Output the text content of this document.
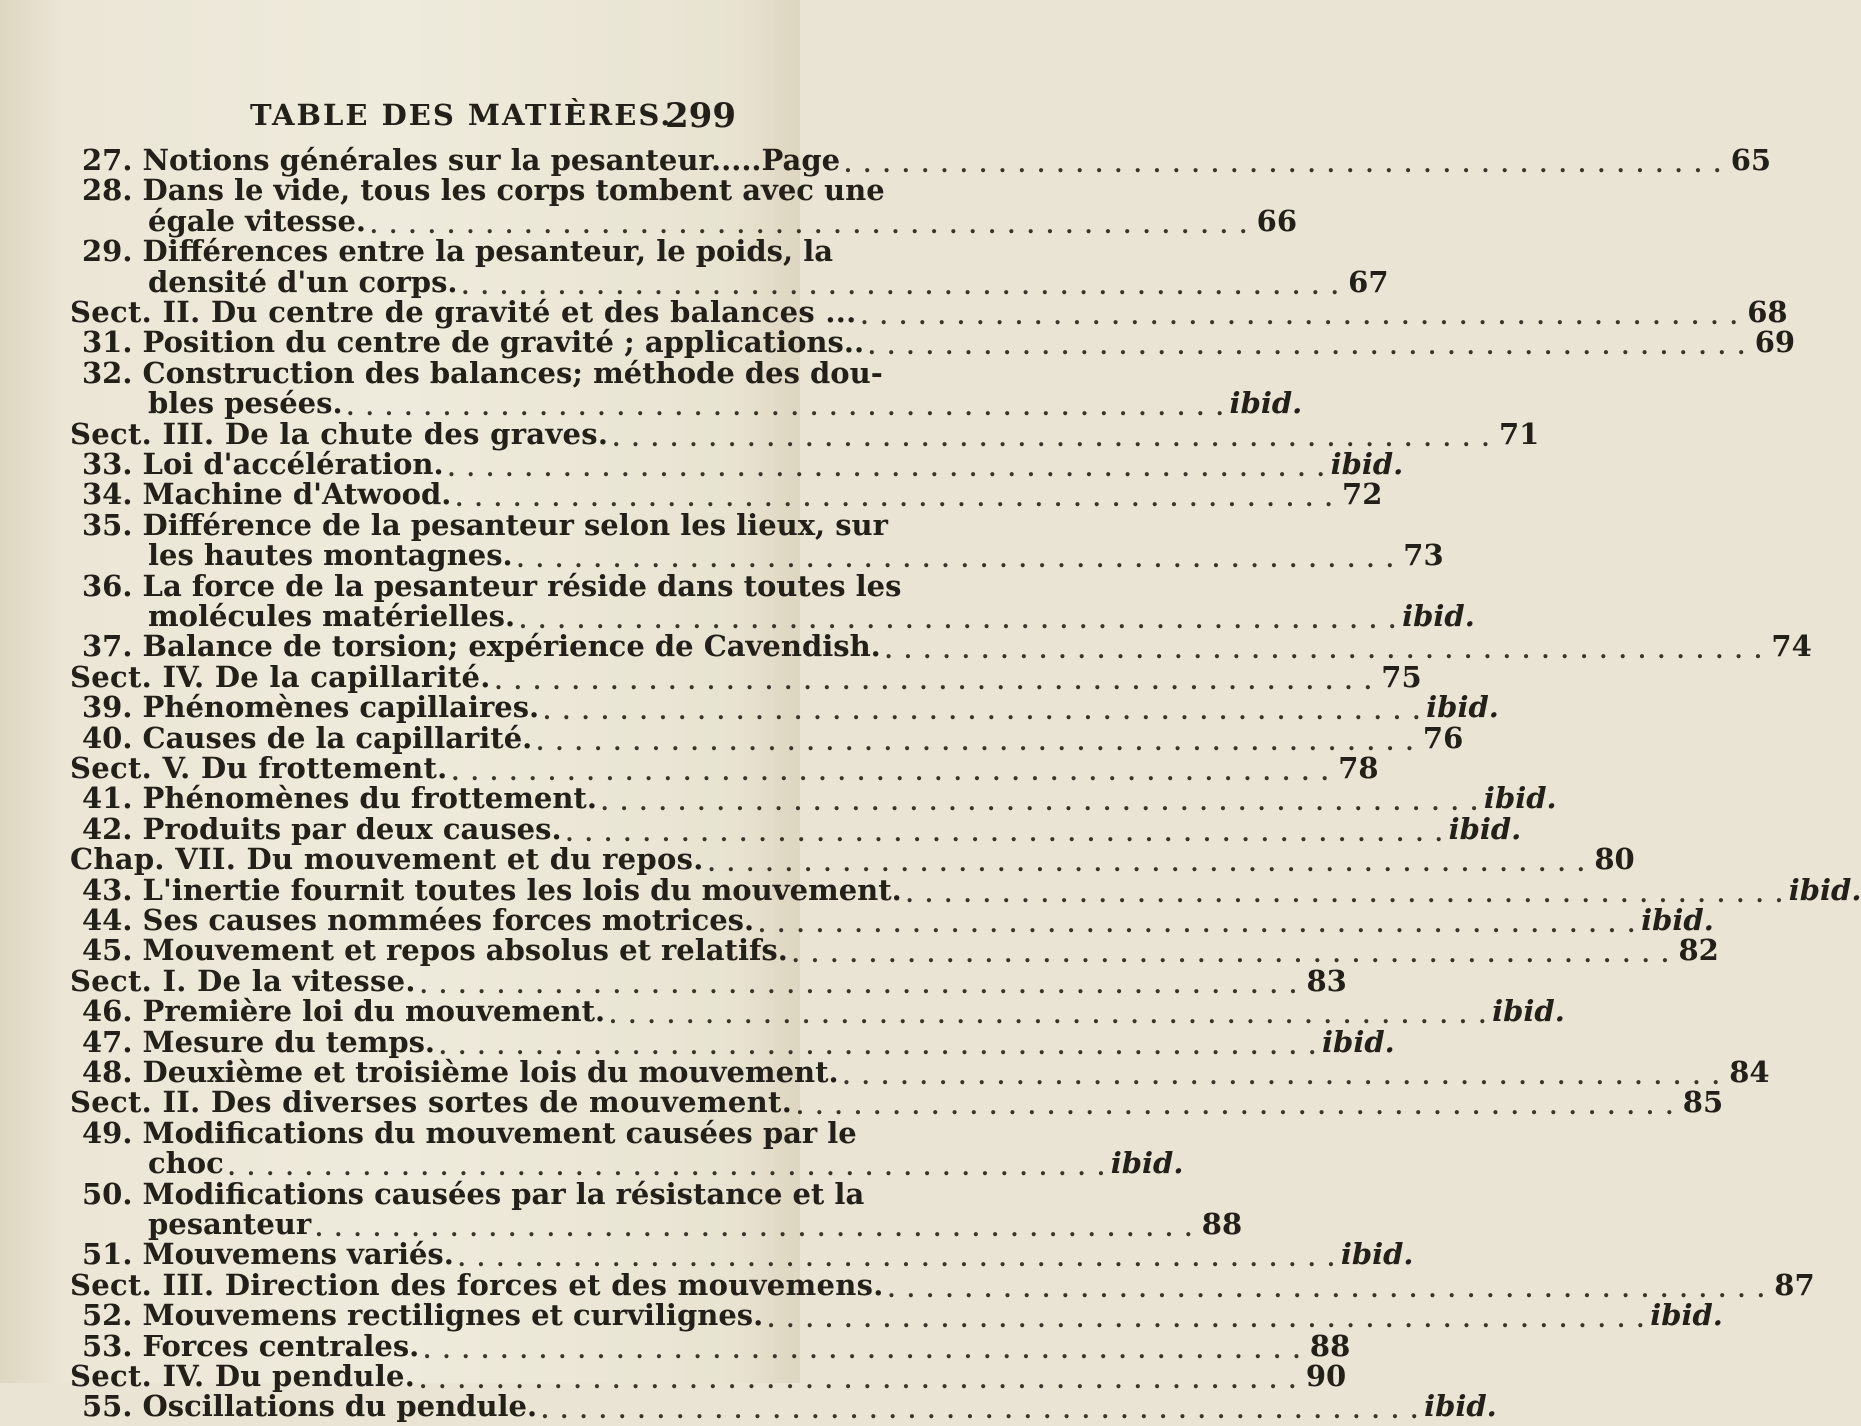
TABLE DES MATIÈRES.
299
27. Notions générales sur la pesanteur.....Page . . . . . . . . . . . . . . . . . . . . . . . . . . . . . . . . . . . . . . . . . . . . . . 65
28. Dans le vide, tous les corps tombent avec une
égale vitesse. . . . . . . . . . . . . . . . . . . . . . . . . . . . . . . . . . . . . . . . . . . . . . . 66
29. Différences entre la pesanteur, le poids, la
densité d'un corps. . . . . . . . . . . . . . . . . . . . . . . . . . . . . . . . . . . . . . . . . . . . . . . 67
Sect. II. Du centre de gravité et des balances ... . . . . . . . . . . . . . . . . . . . . . . . . . . . . . . . . . . . . . . . . . . . . . . 68
31. Position du centre de gravité ; applications.. . . . . . . . . . . . . . . . . . . . . . . . . . . . . . . . . . . . . . . . . . . . . . . 69
32. Construction des balances; méthode des dou-
bles pesées. . . . . . . . . . . . . . . . . . . . . . . . . . . . . . . . . . . . . . . . . . . . . . . ibid.
Sect. III. De la chute des graves. . . . . . . . . . . . . . . . . . . . . . . . . . . . . . . . . . . . . . . . . . . . . . . 71
33. Loi d'accélération. . . . . . . . . . . . . . . . . . . . . . . . . . . . . . . . . . . . . . . . . . . . . . . ibid.
34. Machine d'Atwood. . . . . . . . . . . . . . . . . . . . . . . . . . . . . . . . . . . . . . . . . . . . . . . 72
35. Différence de la pesanteur selon les lieux, sur
les hautes montagnes. . . . . . . . . . . . . . . . . . . . . . . . . . . . . . . . . . . . . . . . . . . . . . . 73
36. La force de la pesanteur réside dans toutes les
molécules matérielles. . . . . . . . . . . . . . . . . . . . . . . . . . . . . . . . . . . . . . . . . . . . . . . ibid.
37. Balance de torsion; expérience de Cavendish. . . . . . . . . . . . . . . . . . . . . . . . . . . . . . . . . . . . . . . . . . . . . . . 74
Sect. IV. De la capillarité. . . . . . . . . . . . . . . . . . . . . . . . . . . . . . . . . . . . . . . . . . . . . . . 75
39. Phénomènes capillaires. . . . . . . . . . . . . . . . . . . . . . . . . . . . . . . . . . . . . . . . . . . . . . . ibid.
40. Causes de la capillarité. . . . . . . . . . . . . . . . . . . . . . . . . . . . . . . . . . . . . . . . . . . . . . . 76
Sect. V. Du frottement. . . . . . . . . . . . . . . . . . . . . . . . . . . . . . . . . . . . . . . . . . . . . . . 78
41. Phénomènes du frottement. . . . . . . . . . . . . . . . . . . . . . . . . . . . . . . . . . . . . . . . . . . . . . . ibid.
42. Produits par deux causes. . . . . . . . . . . . . . . . . . . . . . . . . . . . . . . . . . . . . . . . . . . . . . . ibid.
Chap. VII. Du mouvement et du repos. . . . . . . . . . . . . . . . . . . . . . . . . . . . . . . . . . . . . . . . . . . . . . . 80
43. L'inertie fournit toutes les lois du mouvement. . . . . . . . . . . . . . . . . . . . . . . . . . . . . . . . . . . . . . . . . . . . . . . ibid.
44. Ses causes nommées forces motrices. . . . . . . . . . . . . . . . . . . . . . . . . . . . . . . . . . . . . . . . . . . . . . . ibid.
45. Mouvement et repos absolus et relatifs. . . . . . . . . . . . . . . . . . . . . . . . . . . . . . . . . . . . . . . . . . . . . . . 82
Sect. I. De la vitesse. . . . . . . . . . . . . . . . . . . . . . . . . . . . . . . . . . . . . . . . . . . . . . . 83
46. Première loi du mouvement. . . . . . . . . . . . . . . . . . . . . . . . . . . . . . . . . . . . . . . . . . . . . . . ibid.
47. Mesure du temps. . . . . . . . . . . . . . . . . . . . . . . . . . . . . . . . . . . . . . . . . . . . . . . ibid.
48. Deuxième et troisième lois du mouvement. . . . . . . . . . . . . . . . . . . . . . . . . . . . . . . . . . . . . . . . . . . . . . . 84
Sect. II. Des diverses sortes de mouvement. . . . . . . . . . . . . . . . . . . . . . . . . . . . . . . . . . . . . . . . . . . . . . . 85
49. Modifications du mouvement causées par le
choc . . . . . . . . . . . . . . . . . . . . . . . . . . . . . . . . . . . . . . . . . . . . . . ibid.
50. Modifications causées par la résistance et la
pesanteur . . . . . . . . . . . . . . . . . . . . . . . . . . . . . . . . . . . . . . . . . . . . . . 88
51. Mouvemens variés. . . . . . . . . . . . . . . . . . . . . . . . . . . . . . . . . . . . . . . . . . . . . . . ibid.
Sect. III. Direction des forces et des mouvemens. . . . . . . . . . . . . . . . . . . . . . . . . . . . . . . . . . . . . . . . . . . . . . . 87
52. Mouvemens rectilignes et curvilignes. . . . . . . . . . . . . . . . . . . . . . . . . . . . . . . . . . . . . . . . . . . . . . . ibid.
53. Forces centrales. . . . . . . . . . . . . . . . . . . . . . . . . . . . . . . . . . . . . . . . . . . . . . . 88
Sect. IV. Du pendule. . . . . . . . . . . . . . . . . . . . . . . . . . . . . . . . . . . . . . . . . . . . . . . 90
55. Oscillations du pendule. . . . . . . . . . . . . . . . . . . . . . . . . . . . . . . . . . . . . . . . . . . . . . . ibid.
